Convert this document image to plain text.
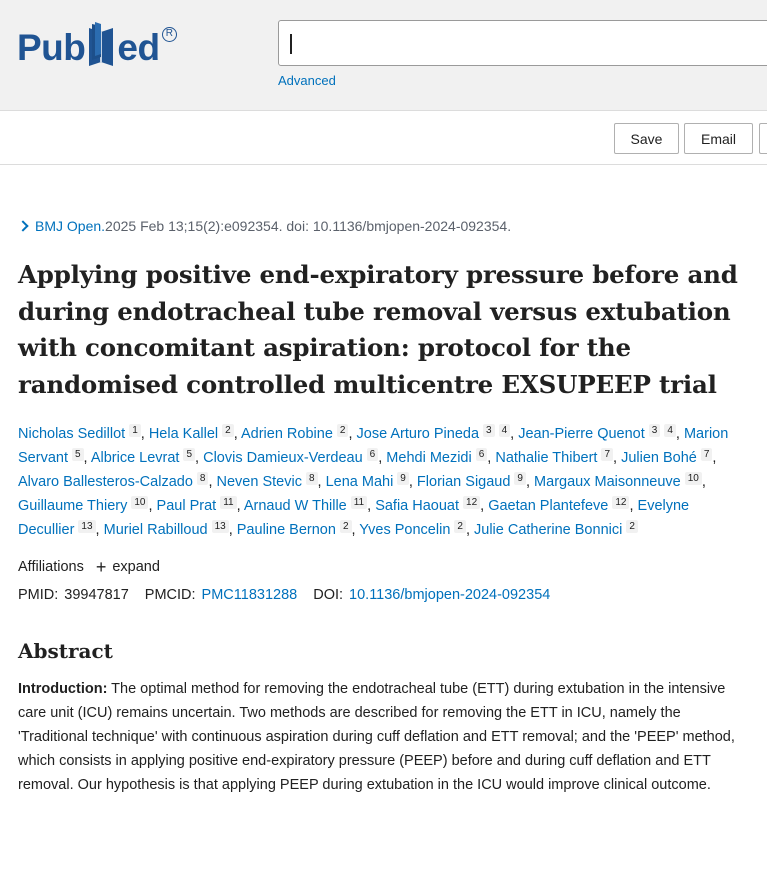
Pub ed R
Advanced
Save	Email
BMJ Open. 2025 Feb 13;15(2):e092354. doi: 10.1136/bmjopen-2024-092354.
Applying positive end-expiratory pressure before and during endotracheal tube removal versus extubation with concomitant aspiration: protocol for the randomised controlled multicentre EXSUPEEP trial
Nicholas Sedillot 1 , Hela Kallel 2 , Adrien Robine 2 , Jose Arturo Pineda 3 4 , Jean-Pierre Quenot 3 4 , Marion Servant 5 , Albrice Levrat 5 , Clovis Damieux-Verdeau 6 , Mehdi Mezidi 6 , Nathalie Thibert 7 , Julien Bohé 7 , Alvaro Ballesteros-Calzado 8 , Neven Stevic 8 , Lena Mahi 9 , Florian Sigaud 9 , Margaux Maisonneuve 10 , Guillaume Thiery 10 , Paul Prat 11 , Arnaud W Thille 11 , Safia Haouat 12 , Gaetan Plantefeve 12 , Evelyne Decullier 13 , Muriel Rabilloud 13 , Pauline Bernon 2 , Yves Poncelin 2 , Julie Catherine Bonnici 2
Affiliations + expand
PMID: 39947817 PMCID: PMC11831288 DOI: 10.1136/bmjopen-2024-092354
Abstract

Introduction: The optimal method for removing the endotracheal tube (ETT) during extubation in the intensive care unit (ICU) remains uncertain. Two methods are described for removing the ETT in ICU, namely the 'Traditional technique' with continuous aspiration during cuff deflation and ETT removal; and the 'PEEP' method, which consists in applying positive end-expiratory pressure (PEEP) before and during cuff deflation and ETT removal. Our hypothesis is that applying PEEP during extubation in the ICU would improve clinical outcome.
